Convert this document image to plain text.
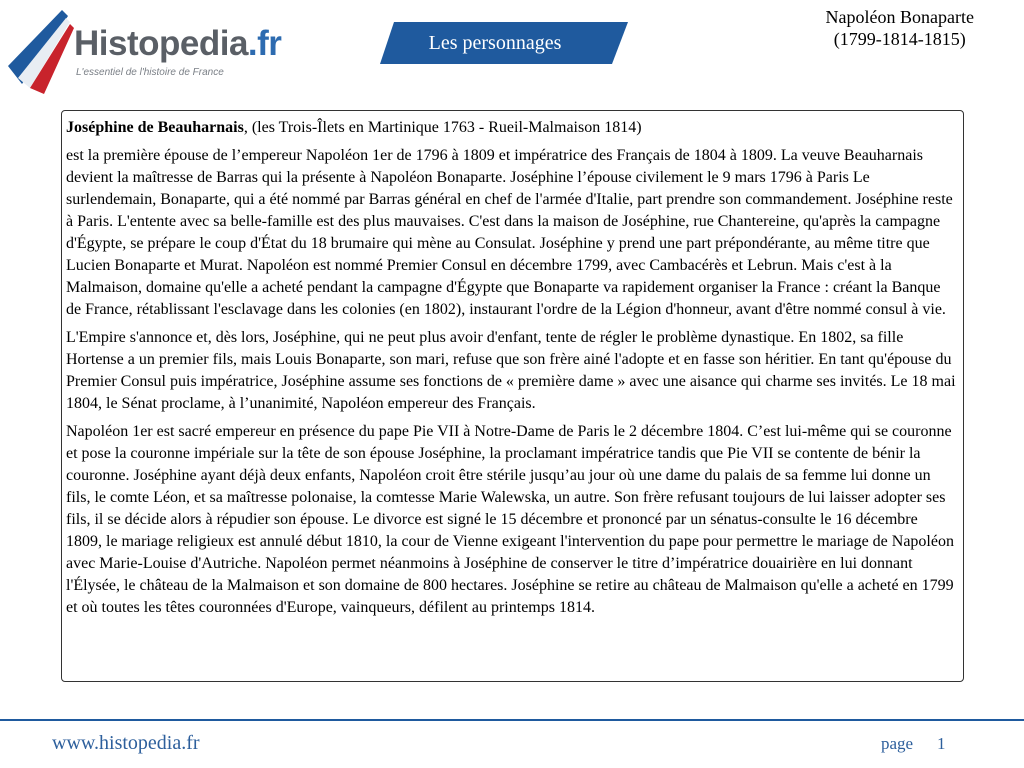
Histopedia.fr
L'essentiel de l'histoire de France
Les personnages
Napoléon Bonaparte
(1799-1814-1815)

Joséphine de Beauharnais, (les Trois-Îlets en Martinique 1763 - Rueil-Malmaison 1814)

est la première épouse de l’empereur Napoléon 1er de 1796 à 1809 et impératrice des Français de 1804 à 1809. La veuve Beauharnais devient la maîtresse de Barras qui la présente à Napoléon Bonaparte. Joséphine l’épouse civilement le 9 mars 1796 à Paris Le surlendemain, Bonaparte, qui a été nommé par Barras général en chef de l'armée d'Italie, part prendre son commandement. Joséphine reste à Paris. L'entente avec sa belle-famille est des plus mauvaises. C'est dans la maison de Joséphine, rue Chantereine, qu'après la campagne d'Égypte, se prépare le coup d'État du 18 brumaire qui mène au Consulat. Joséphine y prend une part prépondérante, au même titre que Lucien Bonaparte et Murat. Napoléon est nommé Premier Consul en décembre 1799, avec Cambacérès et Lebrun. Mais c'est à la Malmaison, domaine qu'elle a acheté pendant la campagne d'Égypte que Bonaparte va rapidement organiser la France : créant la Banque de France, rétablissant l'esclavage dans les colonies (en 1802), instaurant l'ordre de la Légion d'honneur, avant d'être nommé consul à vie.

L'Empire s'annonce et, dès lors, Joséphine, qui ne peut plus avoir d'enfant, tente de régler le problème dynastique. En 1802, sa fille Hortense a un premier fils, mais Louis Bonaparte, son mari, refuse que son frère ainé l'adopte et en fasse son héritier. En tant qu'épouse du Premier Consul puis impératrice, Joséphine assume ses fonctions de « première dame » avec une aisance qui charme ses invités. Le 18 mai 1804, le Sénat proclame, à l’unanimité, Napoléon empereur des Français.

Napoléon 1er est sacré empereur en présence du pape Pie VII à Notre-Dame de Paris le 2 décembre 1804. C’est lui-même qui se couronne et pose la couronne impériale sur la tête de son épouse Joséphine, la proclamant impératrice tandis que Pie VII se contente de bénir la couronne. Joséphine ayant déjà deux enfants, Napoléon croit être stérile jusqu’au jour où une dame du palais de sa femme lui donne un fils, le comte Léon, et sa maîtresse polonaise, la comtesse Marie Walewska, un autre. Son frère refusant toujours de lui laisser adopter ses fils, il se décide alors à répudier son épouse. Le divorce est signé le 15 décembre et prononcé par un sénatus-consulte le 16 décembre 1809, le mariage religieux est annulé début 1810, la cour de Vienne exigeant l'intervention du pape pour permettre le mariage de Napoléon avec Marie-Louise d'Autriche. Napoléon permet néanmoins à Joséphine de conserver le titre d’impératrice douairière en lui donnant l'Élysée, le château de la Malmaison et son domaine de 800 hectares. Joséphine se retire au château de Malmaison qu'elle a acheté en 1799 et où toutes les têtes couronnées d'Europe, vainqueurs, défilent au printemps 1814.

www.histopedia.fr	page 1
